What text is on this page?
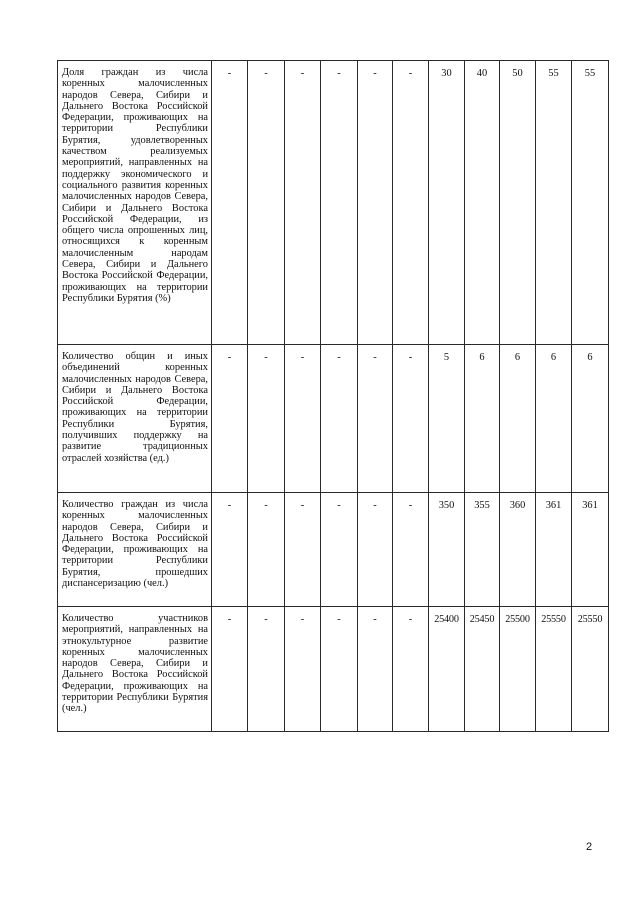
Доля граждан из числа коренных малочисленных народов Севера, Сибири и Дальнего Востока Российской Федерации, проживающих на территории Республики Бурятия, удовлетворенных качеством реализуемых мероприятий, направленных на поддержку экономического и социального развития коренных малочисленных народов Севера, Сибири и Дальнего Востока Российской Федерации, из общего числа опрошенных лиц, относящихся к коренным малочисленным народам Севера, Сибири и Дальнего Востока Российской Федерации, проживающих на территории Республики Бурятия (%)	-	-	-	-	-	-	30	40	50	55	55

Количество общин и иных объединений коренных малочисленных народов Севера, Сибири и Дальнего Востока Российской Федерации, проживающих на территории Республики Бурятия, получивших поддержку на развитие традиционных отраслей хозяйства (ед.)	-	-	-	-	-	-	5	6	6	6	6

Количество граждан из числа коренных малочисленных народов Севера, Сибири и Дальнего Востока Российской Федерации, проживающих на территории Республики Бурятия, прошедших диспансеризацию (чел.)	-	-	-	-	-	-	350	355	360	361	361

Количество участников мероприятий, направленных на этнокультурное развитие коренных малочисленных народов Севера, Сибири и Дальнего Востока Российской Федерации, проживающих на территории Республики Бурятия (чел.)	-	-	-	-	-	-	25400	25450	25500	25550	25550
2
